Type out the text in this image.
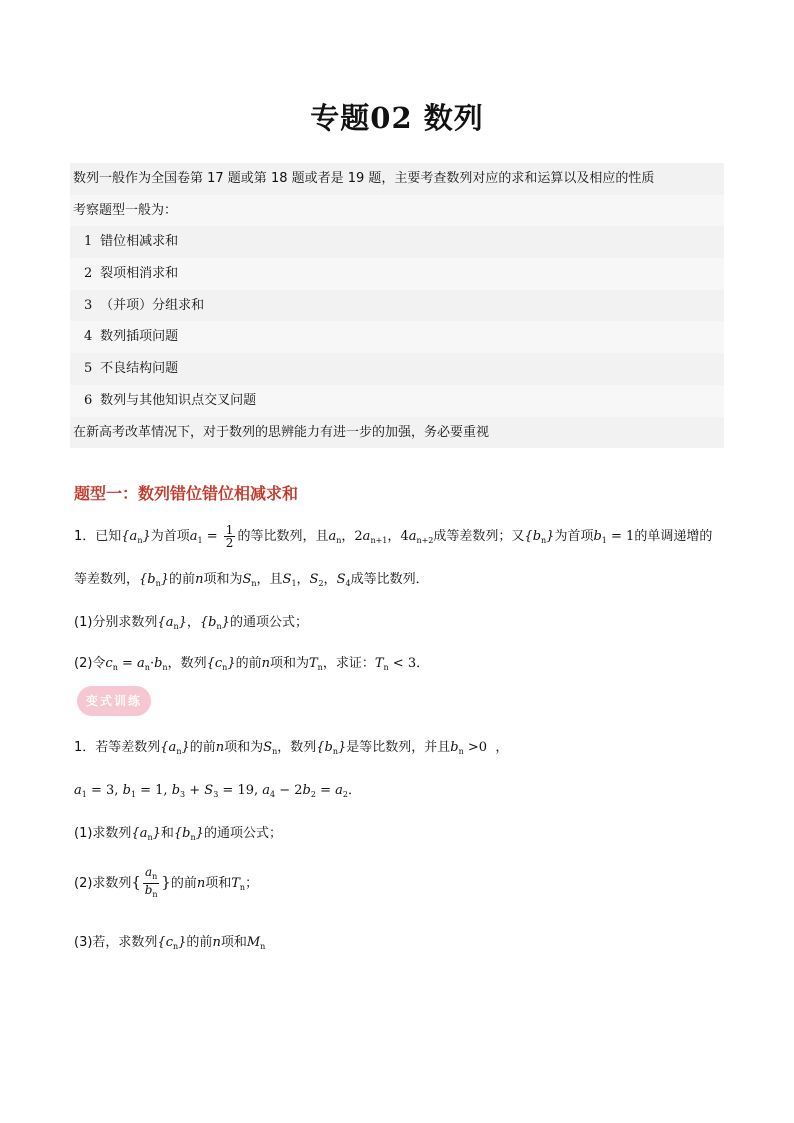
专题02 数列
数列一般作为全国卷第 17 题或第 18 题或者是 19 题，主要考查数列对应的求和运算以及相应的性质
考察题型一般为：
1 错位相减求和
2 裂项相消求和
3 （并项）分组求和
4 数列插项问题
5 不良结构问题
6 数列与其他知识点交叉问题
在新高考改革情况下，对于数列的思辨能力有进一步的加强，务必要重视
题型一：数列错位错位相减求和
1．已知$\{a_n\}$为首项$a_1 = \frac{1}{2}$ 的等比数列，且$a_n$，$2a_{n+1}$，$4a_{n+2}$成等差数列；又$\{b_n\}$为首项$b_1 = 1$的单调递增的
等差数列，$\{b_n\}$的前n项和为$S_n$，且$S_1$，$S_2$，$S_4$成等比数列．
(1)分别求数列$\{a_n\}$，$\{b_n\}$的通项公式；
(2)令$c_n = a_n\cdot b_n$，数列$\{c_n\}$的前n项和为$T_n$，求证：$T_n < 3$．
变式训练
1．若等差数列$\{a_n\}$的前n项和为$S_n$，数列$\{b_n\}$是等比数列，并且$b_n >0$ ，
$a_1 = 3$, $b_1 = 1$, $b_3 + S_3 = 19$, $a_4 - 2b_2 = a_2$．
(1)求数列$\{a_n\}$和$\{b_n\}$的通项公式；
(2)求数列{ $\frac{a_n}{b_n}$ }的前n项和$T_n$；
(3)若，求数列$\{c_n\}$的前n项和$M_n$
